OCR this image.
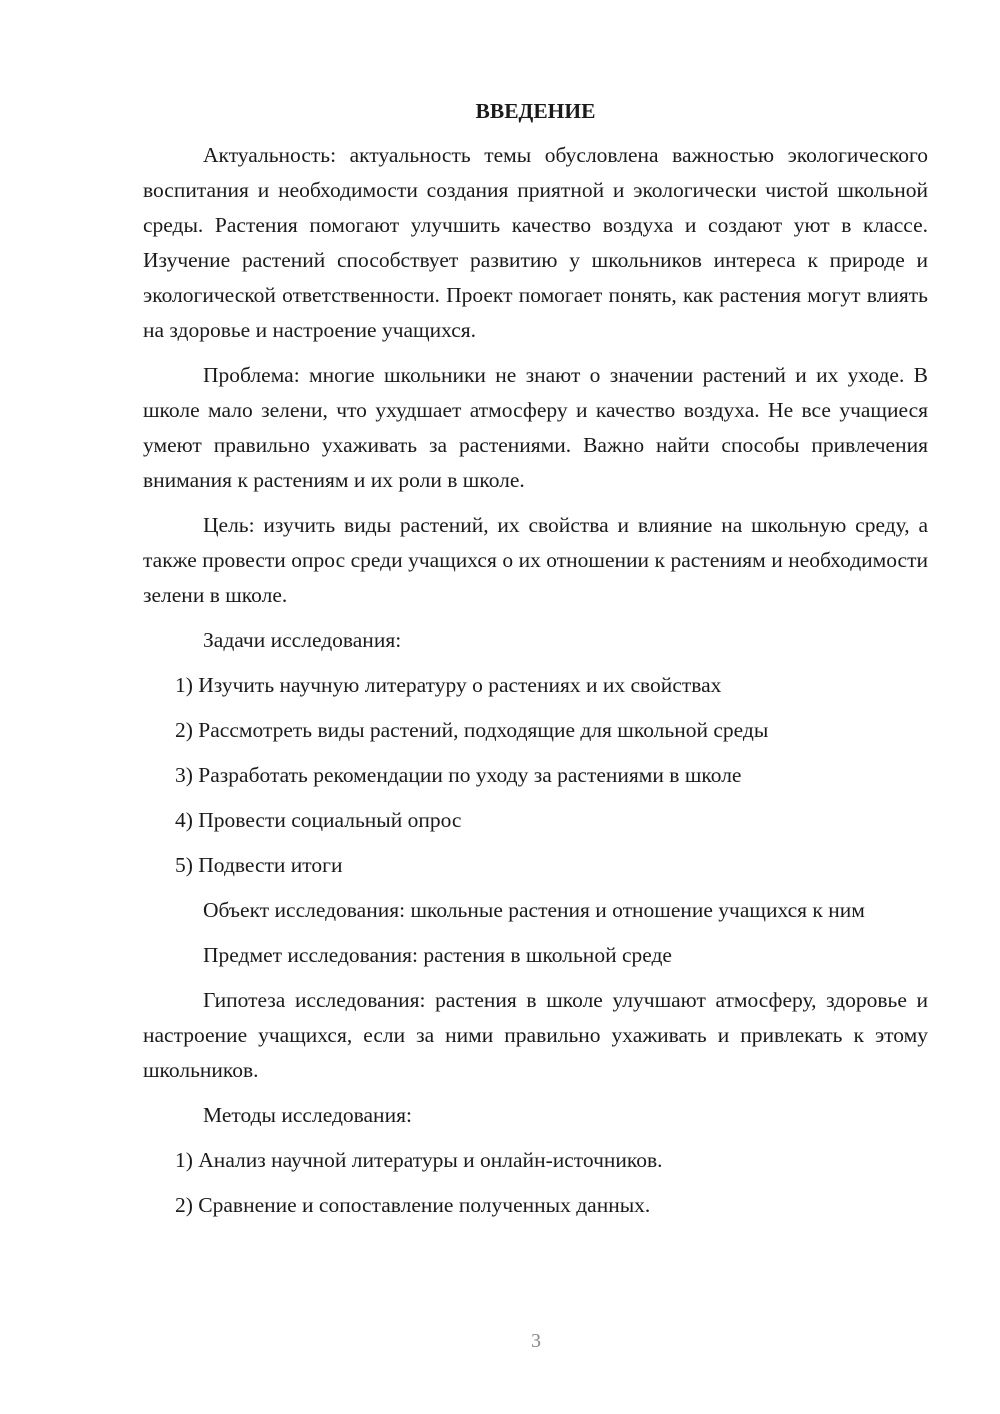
ВВЕДЕНИЕ

Актуальность: актуальность темы обусловлена важностью экологического воспитания и необходимости создания приятной и экологически чистой школьной среды. Растения помогают улучшить качество воздуха и создают уют в классе. Изучение растений способствует развитию у школьников интереса к природе и экологической ответственности. Проект помогает понять, как растения могут влиять на здоровье и настроение учащихся.

Проблема: многие школьники не знают о значении растений и их уходе. В школе мало зелени, что ухудшает атмосферу и качество воздуха. Не все учащиеся умеют правильно ухаживать за растениями. Важно найти способы привлечения внимания к растениям и их роли в школе.

Цель: изучить виды растений, их свойства и влияние на школьную среду, а также провести опрос среди учащихся о их отношении к растениям и необходимости зелени в школе.

Задачи исследования:

1) Изучить научную литературу о растениях и их свойствах

2) Рассмотреть виды растений, подходящие для школьной среды

3) Разработать рекомендации по уходу за растениями в школе

4) Провести социальный опрос

5) Подвести итоги

Объект исследования: школьные растения и отношение учащихся к ним

Предмет исследования: растения в школьной среде

Гипотеза исследования: растения в школе улучшают атмосферу, здоровье и настроение учащихся, если за ними правильно ухаживать и привлекать к этому школьников.

Методы исследования:

1) Анализ научной литературы и онлайн-источников.

2) Сравнение и сопоставление полученных данных.

3
